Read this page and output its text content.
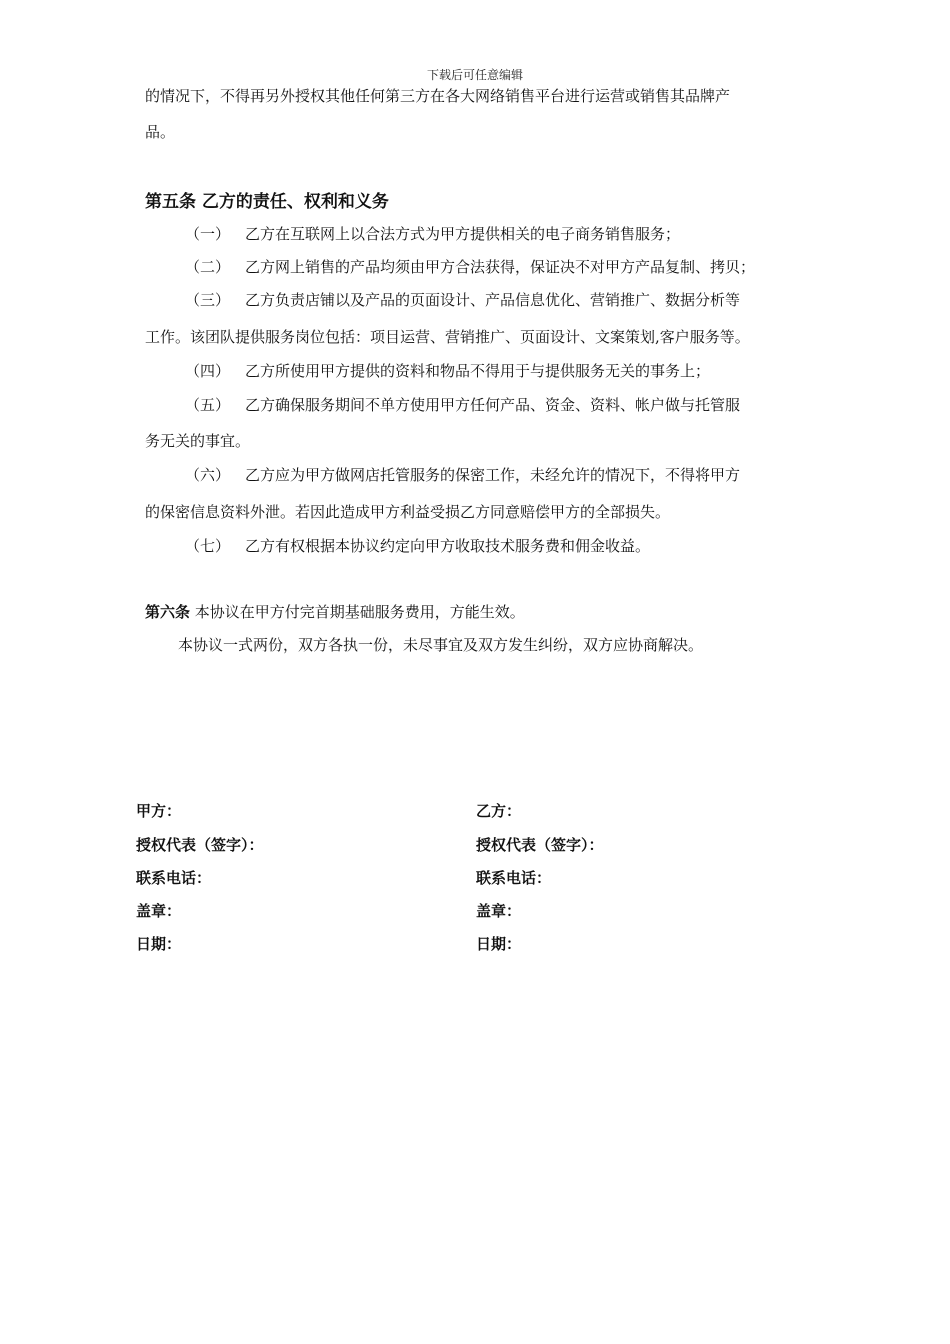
下载后可任意编辑
的情况下，不得再另外授权其他任何第三方在各大网络销售平台进行运营或销售其品牌产
品。
第五条 乙方的责任、权利和义务
（一） 乙方在互联网上以合法方式为甲方提供相关的电子商务销售服务；
（二） 乙方网上销售的产品均须由甲方合法获得，保证决不对甲方产品复制、拷贝；
（三） 乙方负责店铺以及产品的页面设计、产品信息优化、营销推广、数据分析等
工作。该团队提供服务岗位包括：项目运营、营销推广、页面设计、文案策划,客户服务等。
（四） 乙方所使用甲方提供的资料和物品不得用于与提供服务无关的事务上；
（五） 乙方确保服务期间不单方使用甲方任何产品、资金、资料、帐户做与托管服
务无关的事宜。
（六） 乙方应为甲方做网店托管服务的保密工作，未经允许的情况下，不得将甲方
的保密信息资料外泄。若因此造成甲方利益受损乙方同意赔偿甲方的全部损失。
（七） 乙方有权根据本协议约定向甲方收取技术服务费和佣金收益。
第六条 本协议在甲方付完首期基础服务费用，方能生效。
本协议一式两份，双方各执一份，未尽事宜及双方发生纠纷，双方应协商解决。
甲方：	乙方：
授权代表（签字）：	授权代表（签字）：
联系电话：	联系电话：
盖章：	盖章：
日期：	日期：
